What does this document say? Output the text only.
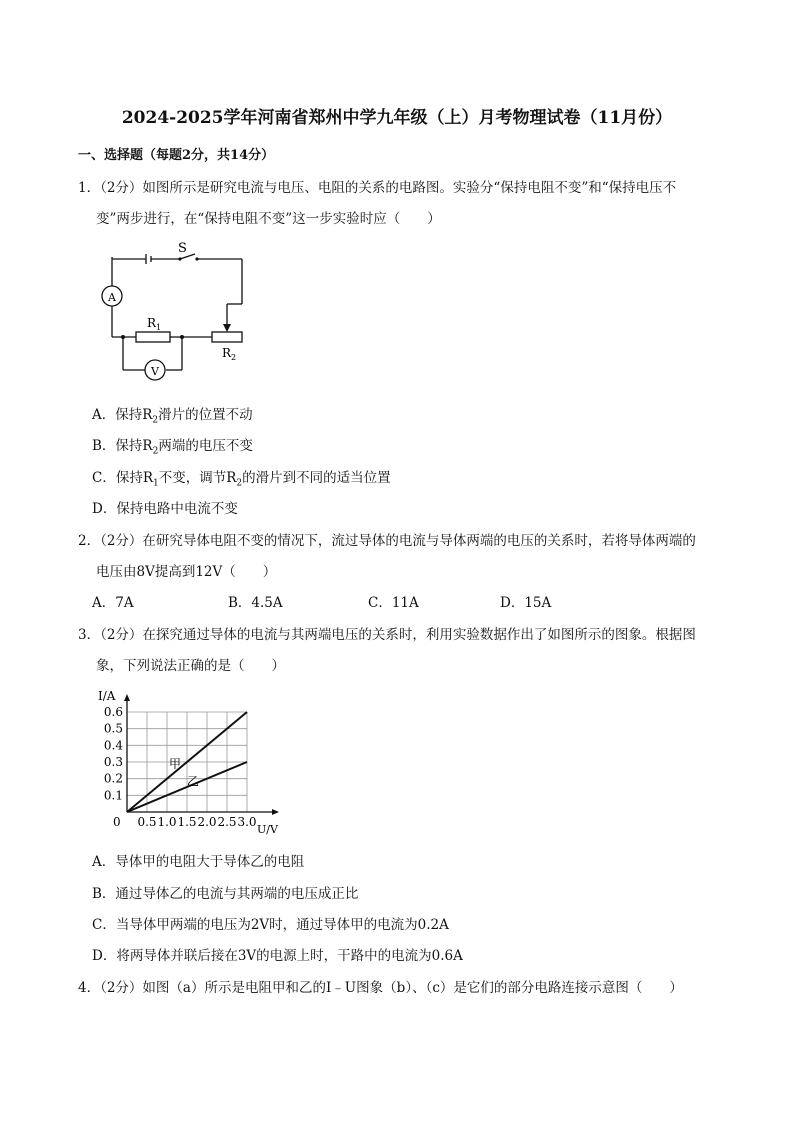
2024-2025学年河南省郑州中学九年级（上）月考物理试卷（11月份）
一、选择题（每题2分，共14分）
1．（2分）如图所示是研究电流与电压、电阻的关系的电路图。实验分“保持电阻不变”和“保持电压不
变”两步进行，在“保持电阻不变”这一步实验时应（　　）
S
A
V
R 1
R 2
A．保持$R_2$滑片的位置不动
B．保持$R_2$两端的电压不变
C．保持$R_1$不变，调节$R_2$的滑片到不同的适当位置
D．保持电路中电流不变
2．（2分）在研究导体电阻不变的情况下，流过导体的电流与导体两端的电压的关系时，若将导体两端的
电压由8V提高到12V（　　）
A．7A	B．4.5A	C．11A	D．15A
3．（2分）在探究通过导体的电流与其两端电压的关系时，利用实验数据作出了如图所示的图象。根据图
象，下列说法正确的是（　　）
0.5 1.0 1.5 2.0 2.5 3.0
0.1
0.2
0.3
0.4
0.5
0.6
0
I/A
U/V
甲
乙
A．导体甲的电阻大于导体乙的电阻
B．通过导体乙的电流与其两端的电压成正比
C．当导体甲两端的电压为2V时，通过导体甲的电流为0.2A
D．将两导体并联后接在3V的电源上时，干路中的电流为0.6A
4．（2分）如图（a）所示是电阻甲和乙的I﹣U图象（b）、（c）是它们的部分电路连接示意图（　　）
